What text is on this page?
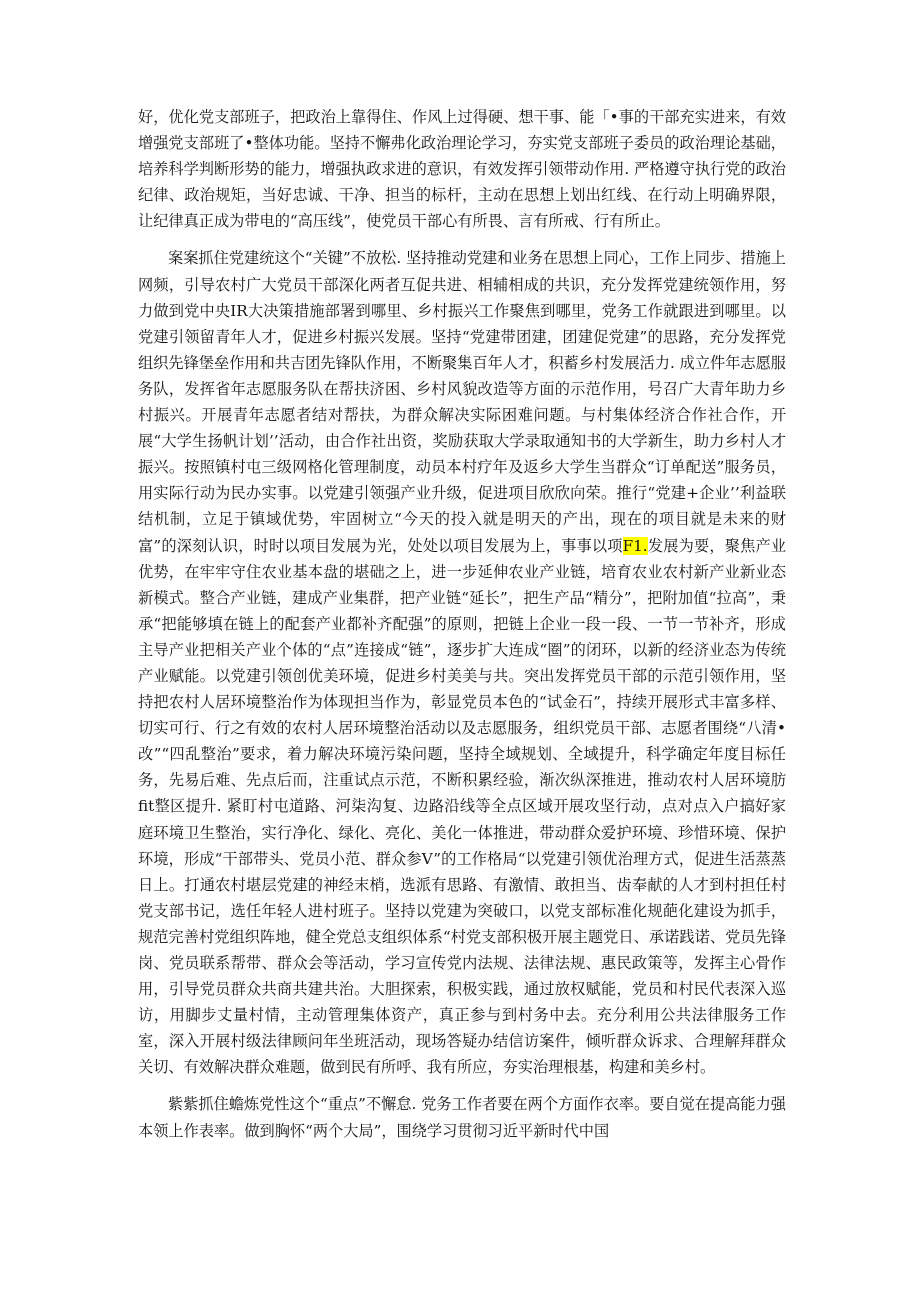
好，优化党支部班子，把政治上靠得住、作风上过得硬、想干事、能「•事的干部充实进来，有效增强党支部班了•整体功能。坚持不懈弗化政治理论学习，夯实党支部班子委员的政治理论基础，培养科学判断形势的能力，增强执政求进的意识，有效发挥引领带动作用. 严格遵守执行党的政治纪律、政治规矩，当好忠诚、干净、担当的标杆，主动在思想上划出红线、在行动上明确界限，让纪律真正成为带电的“高压线”，使党员干部心有所畏、言有所戒、行有所止。

案案抓住党建统这个“关键”不放松. 坚持推动党建和业务在思想上同心，工作上同步、措施上网频，引导农村广大党员干部深化两者互促共进、相辅相成的共识，充分发挥党建统领作用，努力做到党中央IR大决策措施部署到哪里、乡村振兴工作聚焦到哪里，党务工作就跟进到哪里。以党建引领留青年人才，促进乡村振兴发展。坚持“党建带团建，团建促党建”的思路，充分发挥党组织先锋堡垒作用和共吉团先锋队作用，不断聚集百年人才，积蓄乡村发展活力. 成立件年志愿服务队，发挥省年志愿服务队在帮扶济困、乡村风貌改造等方面的示范作用，号召广大青年助力乡村振兴。开展青年志愿者结对帮扶，为群众解决实际困难问题。与村集体经济合作社合作，开展“大学生扬帆计划’’活动，由合作社出资，奖励获取大学录取通知书的大学新生，助力乡村人才振兴。按照镇村屯三级网格化管理制度，动员本村疗年及返乡大学生当群众“订单配送”服务员，用实际行动为民办实事。以党建引领强产业升级，促进项目欣欣向荣。推行“党建+企业’’利益联结机制，立足于镇域优势，牢固树立“今天的投入就是明天的产出，现在的项目就是未来的财富”的深刻认识，时时以项目发展为光，处处以项目发展为上，事事以项F1.发展为要，聚焦产业优势，在牢牢守住农业基本盘的堪础之上，进一步延伸农业产业链，培育农业农村新产业新业态新模式。整合产业链，建成产业集群，把产业链“延长”，把生产品“精分”，把附加值“拉高”，秉承“把能够填在链上的配套产业都补齐配强”的原则，把链上企业一段一段、一节一节补齐，形成主导产业把相关产业个体的“点”连接成“链”，逐步扩大连成“圈”的闭环，以新的经济业态为传统产业赋能。以党建引领创优美环境，促进乡村美美与共。突出发挥党员干部的示范引领作用，坚持把农村人居环境整治作为体现担当作为，彰显党员本色的“试金石”，持续开展形式丰富多样、切实可行、行之有效的农村人居环境整治活动以及志愿服务，组织党员干部、志愿者围绕“八清•改”“四乱整治”要求，着力解决环境污染问题，坚持全域规划、全域提升，科学确定年度目标任务，先易后难、先点后而，注重试点示范，不断积累经验，渐次纵深推进，推动农村人居环境肪fit整区提升. 紧盯村屯道路、河柒沟复、边路沿线等全点区域开展攻坚行动，点对点入户搞好家庭环境卫生整治，实行净化、绿化、亮化、美化一体推进，带动群众爱护环境、珍惜环境、保护环境，形成“干部带头、党员小范、群众参V”的工作格局“以党建引领优治理方式，促进生活蒸蒸日上。打通农村堪层党建的神经末梢，选派有思路、有激情、敢担当、齿奉献的人才到村担任村党支部书记，选任年轻人进村班子。坚持以党建为突破口，以党支部标准化规葩化建设为抓手，规范完善村党组织阵地，健全党总支组织体系“村党支部积极开展主题党日、承诺践诺、党员先锋岗、党员联系帮带、群众会等活动，学习宣传党内法规、法律法规、惠民政策等，发挥主心骨作用，引导党员群众共商共建共治。大胆探索，积极实践，通过放权赋能，党员和村民代表深入巡访，用脚步丈量村情，主动管理集体资产，真正参与到村务中去。充分利用公共法律服务工作室，深入开展村级法律顾问年坐班活动，现场答疑办结信访案件，倾听群众诉求、合理解拜群众关切、有效解决群众难题，做到民有所呼、我有所应，夯实治理根基，构建和美乡村。

紫紫抓住蟾炼党性这个“重点”不懈怠. 党务工作者要在两个方面作衣率。要自觉在提高能力强本领上作表率。做到胸怀“两个大局”，围绕学习贯彻习近平新时代中国
